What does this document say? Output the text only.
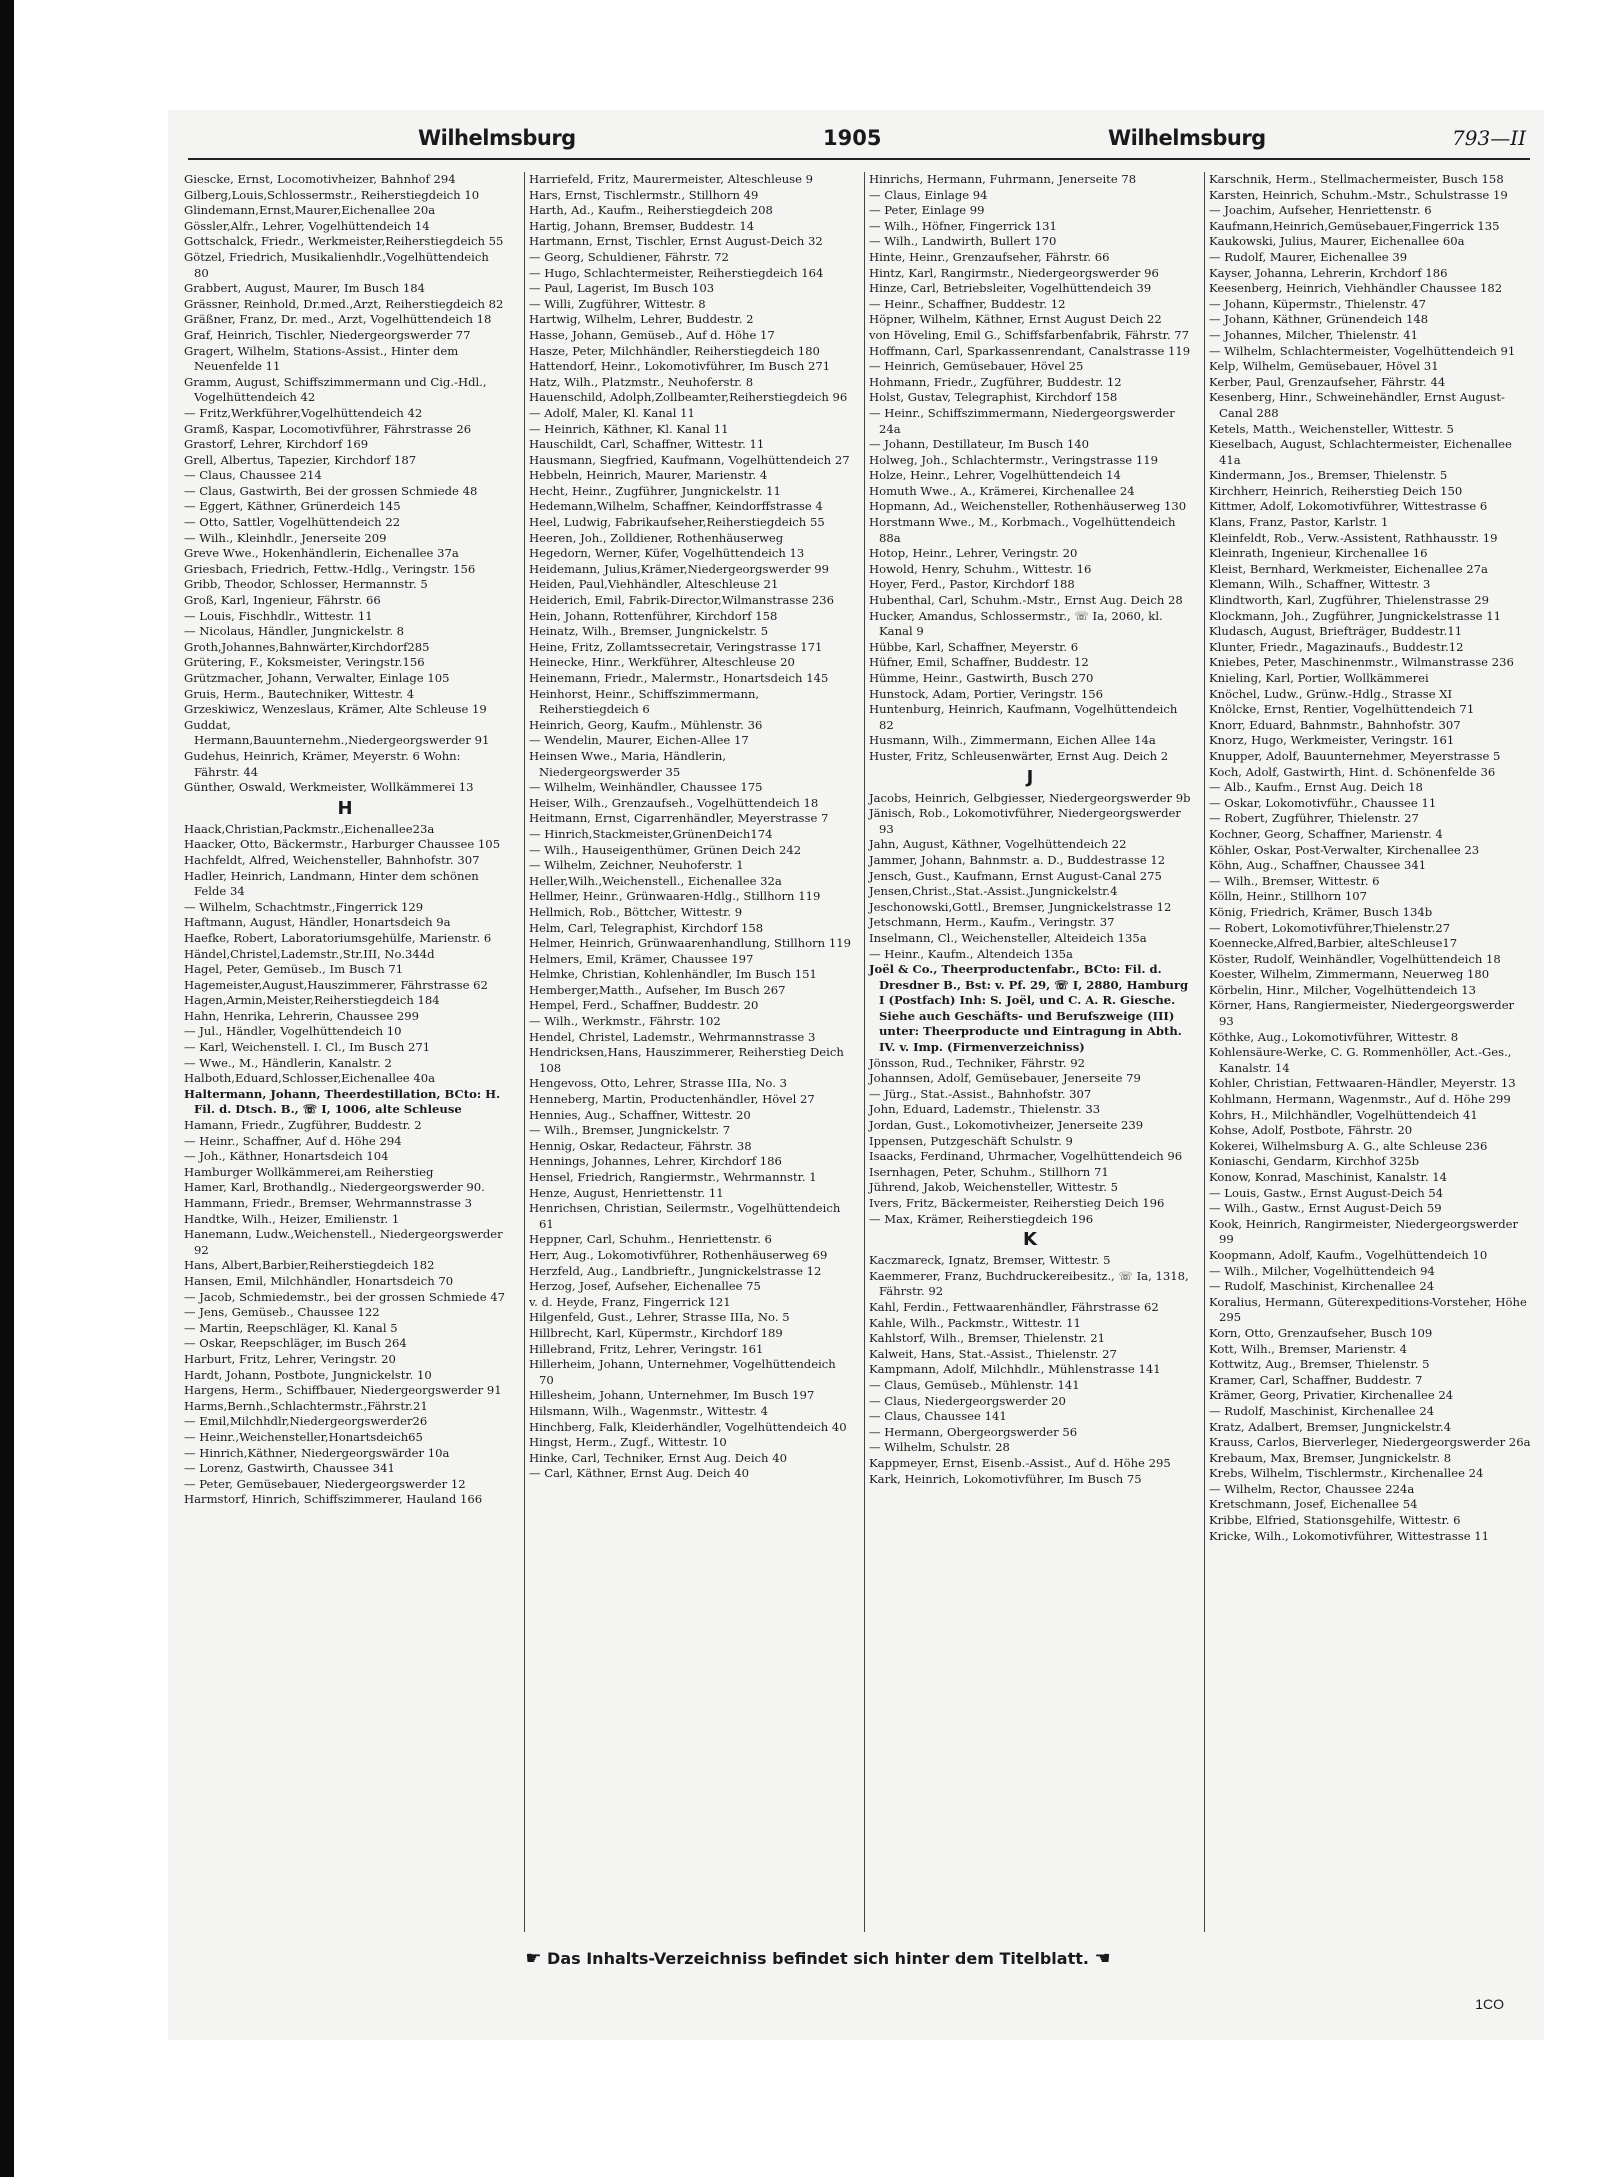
Wilhelmsburg	1905	Wilhelmsburg	793—II
Giescke, Ernst, Locomotivheizer, Bahnhof 294
Gilberg,Louis,Schlossermstr., Reiherstiegdeich 10
Glindemann,Ernst,Maurer,Eichenallee 20a
Gössler,Alfr., Lehrer, Vogelhüttendeich 14
Gottschalck, Friedr., Werkmeister,Reiherstiegdeich 55
Götzel, Friedrich, Musikalienhdlr.,Vogelhüttendeich 80
Grabbert, August, Maurer, Im Busch 184
Grässner, Reinhold, Dr.med.,Arzt, Reiherstiegdeich 82
Gräßner, Franz, Dr. med., Arzt, Vogelhüttendeich 18
Graf, Heinrich, Tischler, Niedergeorgswerder 77
Gragert, Wilhelm, Stations-Assist., Hinter dem Neuenfelde 11
Gramm, August, Schiffszimmermann und Cig.-Hdl., Vogelhüttendeich 42
— Fritz,Werkführer,Vogelhüttendeich 42
Gramß, Kaspar, Locomotivführer, Fährstrasse 26
Grastorf, Lehrer, Kirchdorf 169
Grell, Albertus, Tapezier, Kirchdorf 187
— Claus, Chaussee 214
— Claus, Gastwirth, Bei der grossen Schmiede 48
— Eggert, Käthner, Grünerdeich 145
— Otto, Sattler, Vogelhüttendeich 22
— Wilh., Kleinhdlr., Jenerseite 209
Greve Wwe., Hokenhändlerin, Eichenallee 37a
Griesbach, Friedrich, Fettw.-Hdlg., Veringstr. 156
Gribb, Theodor, Schlosser, Hermannstr. 5
Groß, Karl, Ingenieur, Fährstr. 66
— Louis, Fischhdlr., Wittestr. 11
— Nicolaus, Händler, Jungnickelstr. 8
Groth,Johannes,Bahnwärter,Kirchdorf285
Grütering, F., Koksmeister, Veringstr.156
Grützmacher, Johann, Verwalter, Einlage 105
Gruis, Herm., Bautechniker, Wittestr. 4
Grzeskiwicz, Wenzeslaus, Krämer, Alte Schleuse 19
Guddat, Hermann,Bauunternehm.,Niedergeorgswerder 91
Gudehus, Heinrich, Krämer, Meyerstr. 6 Wohn: Fährstr. 44
Günther, Oswald, Werkmeister, Wollkämmerei 13
H
Haack,Christian,Packmstr.,Eichenallee23a
Haacker, Otto, Bäckermstr., Harburger Chaussee 105
Hachfeldt, Alfred, Weichensteller, Bahnhofstr. 307
Hadler, Heinrich, Landmann, Hinter dem schönen Felde 34
— Wilhelm, Schachtmstr.,Fingerrick 129
Haftmann, August, Händler, Honartsdeich 9a
Haefke, Robert, Laboratoriumsgehülfe, Marienstr. 6
Händel,Christel,Lademstr.,Str.III, No.344d
Hagel, Peter, Gemüseb., Im Busch 71
Hagemeister,August,Hauszimmerer, Fährstrasse 62
Hagen,Armin,Meister,Reiherstiegdeich 184
Hahn, Henrika, Lehrerin, Chaussee 299
— Jul., Händler, Vogelhüttendeich 10
— Karl, Weichenstell. I. Cl., Im Busch 271
— Wwe., M., Händlerin, Kanalstr. 2
Halboth,Eduard,Schlosser,Eichenallee 40a
Haltermann, Johann, Theerdestillation, BCto: H. Fil. d. Dtsch. B., ☏ I, 1006, alte Schleuse
Hamann, Friedr., Zugführer, Buddestr. 2
— Heinr., Schaffner, Auf d. Höhe 294
— Joh., Käthner, Honartsdeich 104
Hamburger Wollkämmerei,am Reiherstieg
Hamer, Karl, Brothandlg., Niedergeorgswerder 90.
Hammann, Friedr., Bremser, Wehrmannstrasse 3
Handtke, Wilh., Heizer, Emilienstr. 1
Hanemann, Ludw.,Weichenstell., Niedergeorgswerder 92
Hans, Albert,Barbier,Reiherstiegdeich 182
Hansen, Emil, Milchhändler, Honartsdeich 70
— Jacob, Schmiedemstr., bei der grossen Schmiede 47
— Jens, Gemüseb., Chaussee 122
— Martin, Reepschläger, Kl. Kanal 5
— Oskar, Reepschläger, im Busch 264
Harburt, Fritz, Lehrer, Veringstr. 20
Hardt, Johann, Postbote, Jungnickelstr. 10
Hargens, Herm., Schiffbauer, Niedergeorgswerder 91
Harms,Bernh.,Schlachtermstr.,Fährstr.21
— Emil,Milchhdlr,Niedergeorgswerder26
— Heinr.,Weichensteller,Honartsdeich65
— Hinrich,Käthner, Niedergeorgswärder 10a
— Lorenz, Gastwirth, Chaussee 341
— Peter, Gemüsebauer, Niedergeorgswerder 12
Harmstorf, Hinrich, Schiffszimmerer, Hauland 166
Harriefeld, Fritz, Maurermeister, Alteschleuse 9
Hars, Ernst, Tischlermstr., Stillhorn 49
Harth, Ad., Kaufm., Reiherstiegdeich 208
Hartig, Johann, Bremser, Buddestr. 14
Hartmann, Ernst, Tischler, Ernst August-Deich 32
— Georg, Schuldiener, Fährstr. 72
— Hugo, Schlachtermeister, Reiherstiegdeich 164
— Paul, Lagerist, Im Busch 103
— Willi, Zugführer, Wittestr. 8
Hartwig, Wilhelm, Lehrer, Buddestr. 2
Hasse, Johann, Gemüseb., Auf d. Höhe 17
Hasze, Peter, Milchhändler, Reiherstiegdeich 180
Hattendorf, Heinr., Lokomotivführer, Im Busch 271
Hatz, Wilh., Platzmstr., Neuhoferstr. 8
Hauenschild, Adolph,Zollbeamter,Reiherstiegdeich 96
— Adolf, Maler, Kl. Kanal 11
— Heinrich, Käthner, Kl. Kanal 11
Hauschildt, Carl, Schaffner, Wittestr. 11
Hausmann, Siegfried, Kaufmann, Vogelhüttendeich 27
Hebbeln, Heinrich, Maurer, Marienstr. 4
Hecht, Heinr., Zugführer, Jungnickelstr. 11
Hedemann,Wilhelm, Schaffner, Keindorffstrasse 4
Heel, Ludwig, Fabrikaufseher,Reiherstiegdeich 55
Heeren, Joh., Zolldiener, Rothenhäuserweg
Hegedorn, Werner, Küfer, Vogelhüttendeich 13
Heidemann, Julius,Krämer,Niedergeorgswerder 99
Heiden, Paul,Viehhändler, Alteschleuse 21
Heiderich, Emil, Fabrik-Director,Wilmanstrasse 236
Hein, Johann, Rottenführer, Kirchdorf 158
Heinatz, Wilh., Bremser, Jungnickelstr. 5
Heine, Fritz, Zollamtssecretair, Veringstrasse 171
Heinecke, Hinr., Werkführer, Alteschleuse 20
Heinemann, Friedr., Malermstr., Honartsdeich 145
Heinhorst, Heinr., Schiffszimmermann, Reiherstiegdeich 6
Heinrich, Georg, Kaufm., Mühlenstr. 36
— Wendelin, Maurer, Eichen-Allee 17
Heinsen Wwe., Maria, Händlerin, Niedergeorgswerder 35
— Wilhelm, Weinhändler, Chaussee 175
Heiser, Wilh., Grenzaufseh., Vogelhüttendeich 18
Heitmann, Ernst, Cigarrenhändler, Meyerstrasse 7
— Hinrich,Stackmeister,GrünenDeich174
— Wilh., Hauseigenthümer, Grünen Deich 242
— Wilhelm, Zeichner, Neuhoferstr. 1
Heller,Wilh.,Weichenstell., Eichenallee 32a
Hellmer, Heinr., Grünwaaren-Hdlg., Stillhorn 119
Hellmich, Rob., Böttcher, Wittestr. 9
Helm, Carl, Telegraphist, Kirchdorf 158
Helmer, Heinrich, Grünwaarenhandlung, Stillhorn 119
Helmers, Emil, Krämer, Chaussee 197
Helmke, Christian, Kohlenhändler, Im Busch 151
Hemberger,Matth., Aufseher, Im Busch 267
Hempel, Ferd., Schaffner, Buddestr. 20
— Wilh., Werkmstr., Fährstr. 102
Hendel, Christel, Lademstr., Wehrmannstrasse 3
Hendricksen,Hans, Hauszimmerer, Reiherstieg Deich 108
Hengevoss, Otto, Lehrer, Strasse IIIa, No. 3
Henneberg, Martin, Productenhändler, Hövel 27
Hennies, Aug., Schaffner, Wittestr. 20
— Wilh., Bremser, Jungnickelstr. 7
Hennig, Oskar, Redacteur, Fährstr. 38
Hennings, Johannes, Lehrer, Kirchdorf 186
Hensel, Friedrich, Rangiermstr., Wehrmannstr. 1
Henze, August, Henriettenstr. 11
Henrichsen, Christian, Seilermstr., Vogelhüttendeich 61
Heppner, Carl, Schuhm., Henriettenstr. 6
Herr, Aug., Lokomotivführer, Rothenhäuserweg 69
Herzfeld, Aug., Landbrieftr., Jungnickelstrasse 12
Herzog, Josef, Aufseher, Eichenallee 75
v. d. Heyde, Franz, Fingerrick 121
Hilgenfeld, Gust., Lehrer, Strasse IIIa, No. 5
Hillbrecht, Karl, Küpermstr., Kirchdorf 189
Hillebrand, Fritz, Lehrer, Veringstr. 161
Hillerheim, Johann, Unternehmer, Vogelhüttendeich 70
Hillesheim, Johann, Unternehmer, Im Busch 197
Hilsmann, Wilh., Wagenmstr., Wittestr. 4
Hinchberg, Falk, Kleiderhändler, Vogelhüttendeich 40
Hingst, Herm., Zugf., Wittestr. 10
Hinke, Carl, Techniker, Ernst Aug. Deich 40
— Carl, Käthner, Ernst Aug. Deich 40
Hinrichs, Hermann, Fuhrmann, Jenerseite 78
— Claus, Einlage 94
— Peter, Einlage 99
— Wilh., Höfner, Fingerrick 131
— Wilh., Landwirth, Bullert 170
Hinte, Heinr., Grenzaufseher, Fährstr. 66
Hintz, Karl, Rangirmstr., Niedergeorgswerder 96
Hinze, Carl, Betriebsleiter, Vogelhüttendeich 39
— Heinr., Schaffner, Buddestr. 12
Höpner, Wilhelm, Käthner, Ernst August Deich 22
von Höveling, Emil G., Schiffsfarbenfabrik, Fährstr. 77
Hoffmann, Carl, Sparkassenrendant, Canalstrasse 119
— Heinrich, Gemüsebauer, Hövel 25
Hohmann, Friedr., Zugführer, Buddestr. 12
Holst, Gustav, Telegraphist, Kirchdorf 158
— Heinr., Schiffszimmermann, Niedergeorgswerder 24a
— Johann, Destillateur, Im Busch 140
Holweg, Joh., Schlachtermstr., Veringstrasse 119
Holze, Heinr., Lehrer, Vogelhüttendeich 14
Homuth Wwe., A., Krämerei, Kirchenallee 24
Hopmann, Ad., Weichensteller, Rothenhäuserweg 130
Horstmann Wwe., M., Korbmach., Vogelhüttendeich 88a
Hotop, Heinr., Lehrer, Veringstr. 20
Howold, Henry, Schuhm., Wittestr. 16
Hoyer, Ferd., Pastor, Kirchdorf 188
Hubenthal, Carl, Schuhm.-Mstr., Ernst Aug. Deich 28
Hucker, Amandus, Schlossermstr., ☏ Ia, 2060, kl. Kanal 9
Hübbe, Karl, Schaffner, Meyerstr. 6
Hüfner, Emil, Schaffner, Buddestr. 12
Hümme, Heinr., Gastwirth, Busch 270
Hunstock, Adam, Portier, Veringstr. 156
Huntenburg, Heinrich, Kaufmann, Vogelhüttendeich 82
Husmann, Wilh., Zimmermann, Eichen Allee 14a
Huster, Fritz, Schleusenwärter, Ernst Aug. Deich 2
J
Jacobs, Heinrich, Gelbgiesser, Niedergeorgswerder 9b
Jänisch, Rob., Lokomotivführer, Niedergeorgswerder 93
Jahn, August, Käthner, Vogelhüttendeich 22
Jammer, Johann, Bahnmstr. a. D., Buddestrasse 12
Jensch, Gust., Kaufmann, Ernst August-Canal 275
Jensen,Christ.,Stat.-Assist.,Jungnickelstr.4
Jeschonowski,Gottl., Bremser, Jungnickelstrasse 12
Jetschmann, Herm., Kaufm., Veringstr. 37
Inselmann, Cl., Weichensteller, Alteideich 135a
— Heinr., Kaufm., Altendeich 135a
Joël & Co., Theerproductenfabr., BCto: Fil. d. Dresdner B., Bst: v. Pf. 29, ☏ I, 2880, Hamburg I (Postfach) Inh: S. Joël, und C. A. R. Giesche. Siehe auch Geschäfts- und Berufszweige (III) unter: Theerproducte und Eintragung in Abth. IV. v. Imp. (Firmenverzeichniss)
Jönsson, Rud., Techniker, Fährstr. 92
Johannsen, Adolf, Gemüsebauer, Jenerseite 79
— Jürg., Stat.-Assist., Bahnhofstr. 307
John, Eduard, Lademstr., Thielenstr. 33
Jordan, Gust., Lokomotivheizer, Jenerseite 239
Ippensen, Putzgeschäft Schulstr. 9
Isaacks, Ferdinand, Uhrmacher, Vogelhüttendeich 96
Isernhagen, Peter, Schuhm., Stillhorn 71
Jührend, Jakob, Weichensteller, Wittestr. 5
Ivers, Fritz, Bäckermeister, Reiherstieg Deich 196
— Max, Krämer, Reiherstiegdeich 196
K
Kaczmareck, Ignatz, Bremser, Wittestr. 5
Kaemmerer, Franz, Buchdruckereibesitz., ☏ Ia, 1318, Fährstr. 92
Kahl, Ferdin., Fettwaarenhändler, Fährstrasse 62
Kahle, Wilh., Packmstr., Wittestr. 11
Kahlstorf, Wilh., Bremser, Thielenstr. 21
Kalweit, Hans, Stat.-Assist., Thielenstr. 27
Kampmann, Adolf, Milchhdlr., Mühlenstrasse 141
— Claus, Gemüseb., Mühlenstr. 141
— Claus, Niedergeorgswerder 20
— Claus, Chaussee 141
— Hermann, Obergeorgswerder 56
— Wilhelm, Schulstr. 28
Kappmeyer, Ernst, Eisenb.-Assist., Auf d. Höhe 295
Kark, Heinrich, Lokomotivführer, Im Busch 75
Karschnik, Herm., Stellmachermeister, Busch 158
Karsten, Heinrich, Schuhm.-Mstr., Schulstrasse 19
— Joachim, Aufseher, Henriettenstr. 6
Kaufmann,Heinrich,Gemüsebauer,Fingerrick 135
Kaukowski, Julius, Maurer, Eichenallee 60a
— Rudolf, Maurer, Eichenallee 39
Kayser, Johanna, Lehrerin, Krchdorf 186
Keesenberg, Heinrich, Viehhändler Chaussee 182
— Johann, Küpermstr., Thielenstr. 47
— Johann, Käthner, Grünendeich 148
— Johannes, Milcher, Thielenstr. 41
— Wilhelm, Schlachtermeister, Vogelhüttendeich 91
Kelp, Wilhelm, Gemüsebauer, Hövel 31
Kerber, Paul, Grenzaufseher, Fährstr. 44
Kesenberg, Hinr., Schweinehändler, Ernst August-Canal 288
Ketels, Matth., Weichensteller, Wittestr. 5
Kieselbach, August, Schlachtermeister, Eichenallee 41a
Kindermann, Jos., Bremser, Thielenstr. 5
Kirchherr, Heinrich, Reiherstieg Deich 150
Kittmer, Adolf, Lokomotivführer, Wittestrasse 6
Klans, Franz, Pastor, Karlstr. 1
Kleinfeldt, Rob., Verw.-Assistent, Rathhausstr. 19
Kleinrath, Ingenieur, Kirchenallee 16
Kleist, Bernhard, Werkmeister, Eichenallee 27a
Klemann, Wilh., Schaffner, Wittestr. 3
Klindtworth, Karl, Zugführer, Thielenstrasse 29
Klockmann, Joh., Zugführer, Jungnickelstrasse 11
Kludasch, August, Briefträger, Buddestr.11
Klunter, Friedr., Magazinaufs., Buddestr.12
Kniebes, Peter, Maschinenmstr., Wilmanstrasse 236
Knieling, Karl, Portier, Wollkämmerei
Knöchel, Ludw., Grünw.-Hdlg., Strasse XI
Knölcke, Ernst, Rentier, Vogelhüttendeich 71
Knorr, Eduard, Bahnmstr., Bahnhofstr. 307
Knorz, Hugo, Werkmeister, Veringstr. 161
Knupper, Adolf, Bauunternehmer, Meyerstrasse 5
Koch, Adolf, Gastwirth, Hint. d. Schönenfelde 36
— Alb., Kaufm., Ernst Aug. Deich 18
— Oskar, Lokomotivführ., Chaussee 11
— Robert, Zugführer, Thielenstr. 27
Kochner, Georg, Schaffner, Marienstr. 4
Köhler, Oskar, Post-Verwalter, Kirchenallee 23
Köhn, Aug., Schaffner, Chaussee 341
— Wilh., Bremser, Wittestr. 6
Kölln, Heinr., Stillhorn 107
König, Friedrich, Krämer, Busch 134b
— Robert, Lokomotivführer,Thielenstr.27
Koennecke,Alfred,Barbier, alteSchleuse17
Köster, Rudolf, Weinhändler, Vogelhüttendeich 18
Koester, Wilhelm, Zimmermann, Neuerweg 180
Körbelin, Hinr., Milcher, Vogelhüttendeich 13
Körner, Hans, Rangiermeister, Niedergeorgswerder 93
Köthke, Aug., Lokomotivführer, Wittestr. 8
Kohlensäure-Werke, C. G. Rommenhöller, Act.-Ges., Kanalstr. 14
Kohler, Christian, Fettwaaren-Händler, Meyerstr. 13
Kohlmann, Hermann, Wagenmstr., Auf d. Höhe 299
Kohrs, H., Milchhändler, Vogelhüttendeich 41
Kohse, Adolf, Postbote, Fährstr. 20
Kokerei, Wilhelmsburg A. G., alte Schleuse 236
Koniaschi, Gendarm, Kirchhof 325b
Konow, Konrad, Maschinist, Kanalstr. 14
— Louis, Gastw., Ernst August-Deich 54
— Wilh., Gastw., Ernst August-Deich 59
Kook, Heinrich, Rangirmeister, Niedergeorgswerder 99
Koopmann, Adolf, Kaufm., Vogelhüttendeich 10
— Wilh., Milcher, Vogelhüttendeich 94
— Rudolf, Maschinist, Kirchenallee 24
Koralius, Hermann, Güterexpeditions-Vorsteher, Höhe 295
Korn, Otto, Grenzaufseher, Busch 109
Kott, Wilh., Bremser, Marienstr. 4
Kottwitz, Aug., Bremser, Thielenstr. 5
Kramer, Carl, Schaffner, Buddestr. 7
Krämer, Georg, Privatier, Kirchenallee 24
— Rudolf, Maschinist, Kirchenallee 24
Kratz, Adalbert, Bremser, Jungnickelstr.4
Krauss, Carlos, Bierverleger, Niedergeorgswerder 26a
Krebaum, Max, Bremser, Jungnickelstr. 8
Krebs, Wilhelm, Tischlermstr., Kirchenallee 24
— Wilhelm, Rector, Chaussee 224a
Kretschmann, Josef, Eichenallee 54
Kribbe, Elfried, Stationsgehilfe, Wittestr. 6
Kricke, Wilh., Lokomotivführer, Wittestrasse 11
☛ Das Inhalts-Verzeichniss befindet sich hinter dem Titelblatt. ☚
1CO
